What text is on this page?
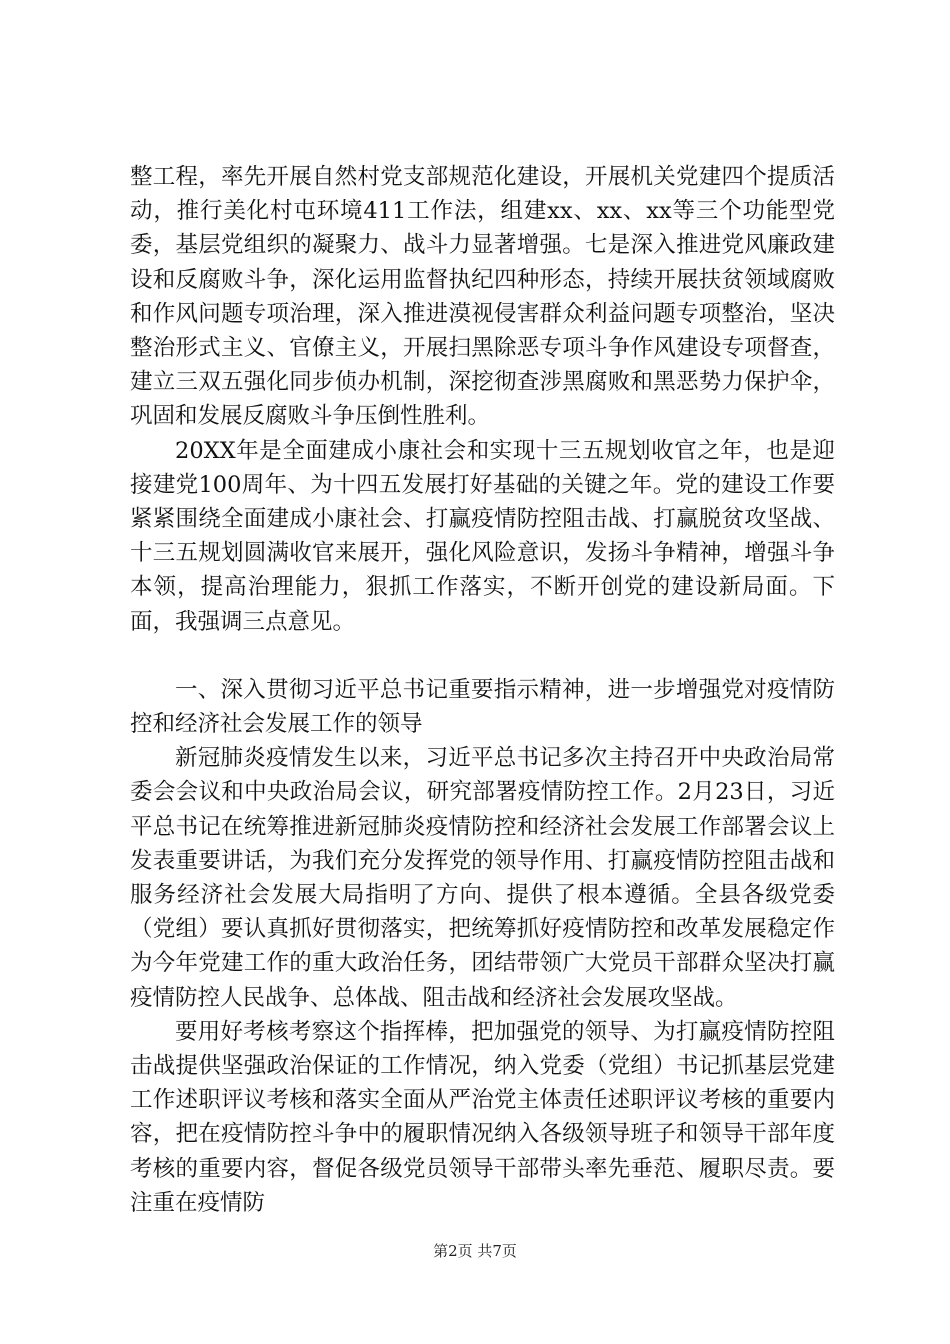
整工程，率先开展自然村党支部规范化建设，开展机关党建四个提质活动，推行美化村屯环境411工作法，组建xx、xx、xx等三个功能型党委，基层党组织的凝聚力、战斗力显著增强。七是深入推进党风廉政建设和反腐败斗争，深化运用监督执纪四种形态，持续开展扶贫领域腐败和作风问题专项治理，深入推进漠视侵害群众利益问题专项整治，坚决整治形式主义、官僚主义，开展扫黑除恶专项斗争作风建设专项督查，建立三双五强化同步侦办机制，深挖彻查涉黑腐败和黑恶势力保护伞，巩固和发展反腐败斗争压倒性胜利。

20XX年是全面建成小康社会和实现十三五规划收官之年，也是迎接建党100周年、为十四五发展打好基础的关键之年。党的建设工作要紧紧围绕全面建成小康社会、打赢疫情防控阻击战、打赢脱贫攻坚战、十三五规划圆满收官来展开，强化风险意识，发扬斗争精神，增强斗争本领，提高治理能力，狠抓工作落实，不断开创党的建设新局面。下面，我强调三点意见。

一、深入贯彻习近平总书记重要指示精神，进一步增强党对疫情防控和经济社会发展工作的领导

新冠肺炎疫情发生以来，习近平总书记多次主持召开中央政治局常委会会议和中央政治局会议，研究部署疫情防控工作。2月23日，习近平总书记在统筹推进新冠肺炎疫情防控和经济社会发展工作部署会议上发表重要讲话，为我们充分发挥党的领导作用、打赢疫情防控阻击战和服务经济社会发展大局指明了方向、提供了根本遵循。全县各级党委（党组）要认真抓好贯彻落实，把统筹抓好疫情防控和改革发展稳定作为今年党建工作的重大政治任务，团结带领广大党员干部群众坚决打赢疫情防控人民战争、总体战、阻击战和经济社会发展攻坚战。

要用好考核考察这个指挥棒，把加强党的领导、为打赢疫情防控阻击战提供坚强政治保证的工作情况，纳入党委（党组）书记抓基层党建工作述职评议考核和落实全面从严治党主体责任述职评议考核的重要内容，把在疫情防控斗争中的履职情况纳入各级领导班子和领导干部年度考核的重要内容，督促各级党员领导干部带头率先垂范、履职尽责。要注重在疫情防

第2页 共7页
